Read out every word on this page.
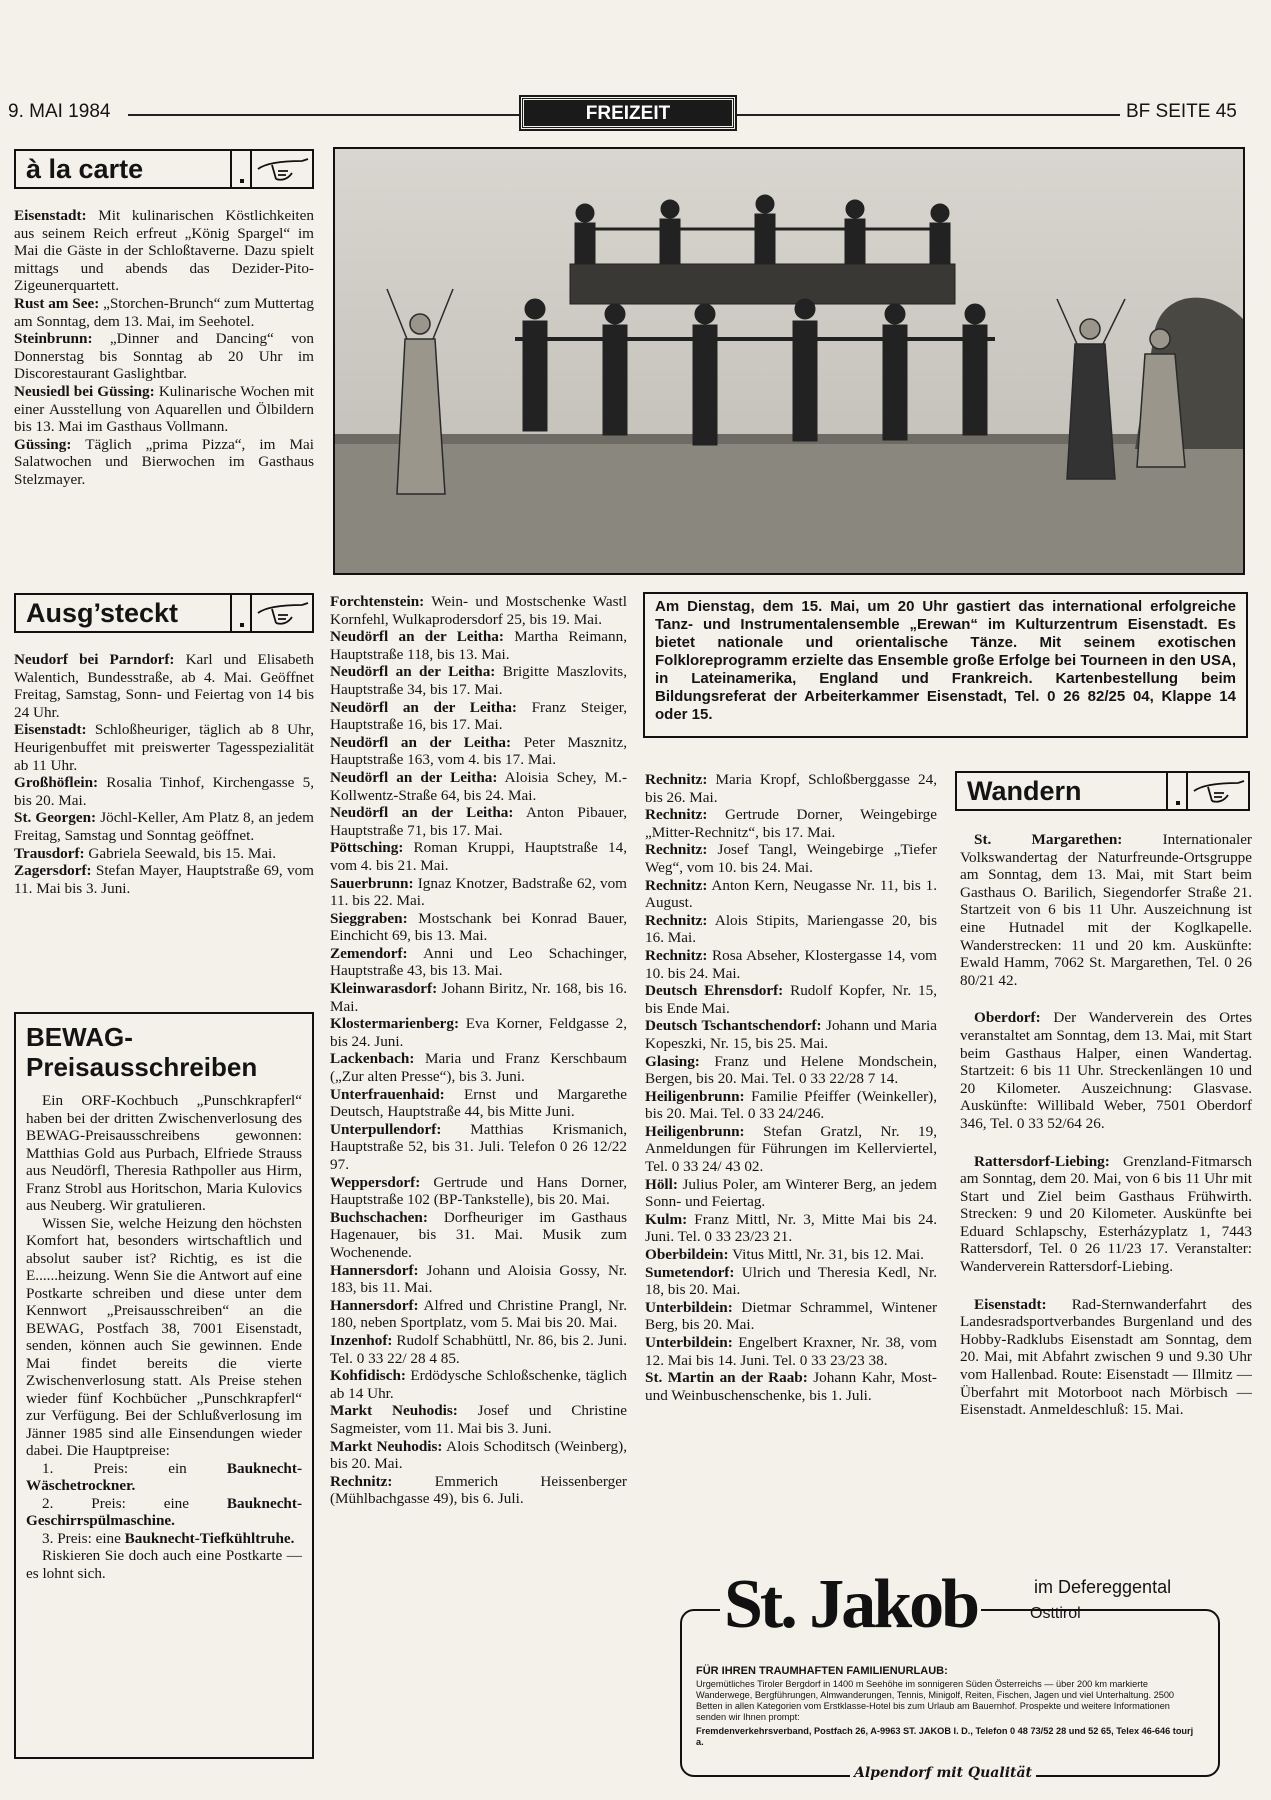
9. MAI 1984	FREIZEIT	BF SEITE 45
à la carte

Eisenstadt: Mit kulinarischen Köstlichkeiten aus seinem Reich erfreut „König Spargel“ im Mai die Gäste in der Schloßtaverne. Dazu spielt mittags und abends das Dezider-Pito-Zigeunerquartett.

Rust am See: „Storchen-Brunch“ zum Muttertag am Sonntag, dem 13. Mai, im Seehotel.

Steinbrunn: „Dinner and Dancing“ von Donnerstag bis Sonntag ab 20 Uhr im Discorestaurant Gaslightbar.

Neusiedl bei Güssing: Kulinarische Wochen mit einer Ausstellung von Aquarellen und Ölbildern bis 13. Mai im Gasthaus Vollmann.

Güssing: Täglich „prima Pizza“, im Mai Salatwochen und Bierwochen im Gasthaus Stelzmayer.

Am Dienstag, dem 15. Mai, um 20 Uhr gastiert das international erfolgreiche Tanz- und Instrumentalensemble „Erewan“ im Kulturzentrum Eisenstadt. Es bietet nationale und orientalische Tänze. Mit seinem exotischen Folkloreprogramm erzielte das Ensemble große Erfolge bei Tourneen in den USA, in Lateinamerika, England und Frankreich. Kartenbestellung beim Bildungsreferat der Arbeiterkammer Eisenstadt, Tel. 0 26 82/25 04, Klappe 14 oder 15.
Ausg’steckt

Neudorf bei Parndorf: Karl und Elisabeth Walentich, Bundesstraße, ab 4. Mai. Geöffnet Freitag, Samstag, Sonn- und Feiertag von 14 bis 24 Uhr.

Eisenstadt: Schloßheuriger, täglich ab 8 Uhr, Heurigenbuffet mit preiswerter Tagesspezialität ab 11 Uhr.

Großhöflein: Rosalia Tinhof, Kirchengasse 5, bis 20. Mai.

St. Georgen: Jöchl-Keller, Am Platz 8, an jedem Freitag, Samstag und Sonntag geöffnet.

Trausdorf: Gabriela Seewald, bis 15. Mai.

Zagersdorf: Stefan Mayer, Hauptstraße 69, vom 11. Mai bis 3. Juni.

Forchtenstein: Wein- und Mostschenke Wastl Kornfehl, Wulkaprodersdorf 25, bis 19. Mai.

Neudörfl an der Leitha: Martha Reimann, Hauptstraße 118, bis 13. Mai.

Neudörfl an der Leitha: Brigitte Maszlovits, Hauptstraße 34, bis 17. Mai.

Neudörfl an der Leitha: Franz Steiger, Hauptstraße 16, bis 17. Mai.

Neudörfl an der Leitha: Peter Masznitz, Hauptstraße 163, vom 4. bis 17. Mai.

Neudörfl an der Leitha: Aloisia Schey, M.-Kollwentz-Straße 64, bis 24. Mai.

Neudörfl an der Leitha: Anton Pibauer, Hauptstraße 71, bis 17. Mai.

Pöttsching: Roman Kruppi, Hauptstraße 14, vom 4. bis 21. Mai.

Sauerbrunn: Ignaz Knotzer, Badstraße 62, vom 11. bis 22. Mai.

Sieggraben: Mostschank bei Konrad Bauer, Einchicht 69, bis 13. Mai.

Zemendorf: Anni und Leo Schachinger, Hauptstraße 43, bis 13. Mai.

Kleinwarasdorf: Johann Biritz, Nr. 168, bis 16. Mai.

Klostermarienberg: Eva Korner, Feldgasse 2, bis 24. Juni.

Lackenbach: Maria und Franz Kerschbaum („Zur alten Presse“), bis 3. Juni.

Unterfrauenhaid: Ernst und Margarethe Deutsch, Hauptstraße 44, bis Mitte Juni.

Unterpullendorf: Matthias Krismanich, Hauptstraße 52, bis 31. Juli. Telefon 0 26 12/22 97.

Weppersdorf: Gertrude und Hans Dorner, Hauptstraße 102 (BP-Tankstelle), bis 20. Mai.

Buchschachen: Dorfheuriger im Gasthaus Hagenauer, bis 31. Mai. Musik zum Wochenende.

Hannersdorf: Johann und Aloisia Gossy, Nr. 183, bis 11. Mai.

Hannersdorf: Alfred und Christine Prangl, Nr. 180, neben Sportplatz, vom 5. Mai bis 20. Mai.

Inzenhof: Rudolf Schabhüttl, Nr. 86, bis 2. Juni. Tel. 0 33 22/ 28 4 85.

Kohfidisch: Erdödysche Schloßschenke, täglich ab 14 Uhr.

Markt Neuhodis: Josef und Christine Sagmeister, vom 11. Mai bis 3. Juni.

Markt Neuhodis: Alois Schoditsch (Weinberg), bis 20. Mai.

Rechnitz: Emmerich Heissenberger (Mühlbachgasse 49), bis 6. Juli.

Rechnitz: Maria Kropf, Schloßberggasse 24, bis 26. Mai.

Rechnitz: Gertrude Dorner, Weingebirge „Mitter-Rechnitz“, bis 17. Mai.

Rechnitz: Josef Tangl, Weingebirge „Tiefer Weg“, vom 10. bis 24. Mai.

Rechnitz: Anton Kern, Neugasse Nr. 11, bis 1. August.

Rechnitz: Alois Stipits, Mariengasse 20, bis 16. Mai.

Rechnitz: Rosa Abseher, Klostergasse 14, vom 10. bis 24. Mai.

Deutsch Ehrensdorf: Rudolf Kopfer, Nr. 15, bis Ende Mai.

Deutsch Tschantschendorf: Johann und Maria Kopeszki, Nr. 15, bis 25. Mai.

Glasing: Franz und Helene Mondschein, Bergen, bis 20. Mai. Tel. 0 33 22/28 7 14.

Heiligenbrunn: Familie Pfeiffer (Weinkeller), bis 20. Mai. Tel. 0 33 24/246.

Heiligenbrunn: Stefan Gratzl, Nr. 19, Anmeldungen für Führungen im Kellerviertel, Tel. 0 33 24/ 43 02.

Höll: Julius Poler, am Winterer Berg, an jedem Sonn- und Feiertag.

Kulm: Franz Mittl, Nr. 3, Mitte Mai bis 24. Juni. Tel. 0 33 23/23 21.

Oberbildein: Vitus Mittl, Nr. 31, bis 12. Mai.

Sumetendorf: Ulrich und Theresia Kedl, Nr. 18, bis 20. Mai.

Unterbildein: Dietmar Schrammel, Wintener Berg, bis 20. Mai.

Unterbildein: Engelbert Kraxner, Nr. 38, vom 12. Mai bis 14. Juni. Tel. 0 33 23/23 38.

St. Martin an der Raab: Johann Kahr, Most- und Weinbuschenschenke, bis 1. Juli.

Wandern

St. Margarethen: Internationaler Volkswandertag der Naturfreunde-Ortsgruppe am Sonntag, dem 13. Mai, mit Start beim Gasthaus O. Barilich, Siegendorfer Straße 21. Startzeit von 6 bis 11 Uhr. Auszeichnung ist eine Hutnadel mit der Koglkapelle. Wanderstrecken: 11 und 20 km. Auskünfte: Ewald Hamm, 7062 St. Margarethen, Tel. 0 26 80/21 42.

Oberdorf: Der Wanderverein des Ortes veranstaltet am Sonntag, dem 13. Mai, mit Start beim Gasthaus Halper, einen Wandertag. Startzeit: 6 bis 11 Uhr. Streckenlängen 10 und 20 Kilometer. Auszeichnung: Glasvase. Auskünfte: Willibald Weber, 7501 Oberdorf 346, Tel. 0 33 52/64 26.

Rattersdorf-Liebing: Grenzland-Fitmarsch am Sonntag, dem 20. Mai, von 6 bis 11 Uhr mit Start und Ziel beim Gasthaus Frühwirth. Strecken: 9 und 20 Kilometer. Auskünfte bei Eduard Schlapschy, Esterházyplatz 1, 7443 Rattersdorf, Tel. 0 26 11/23 17. Veranstalter: Wanderverein Rattersdorf-Liebing.

Eisenstadt: Rad-Sternwanderfahrt des Landesradsportverbandes Burgenland und des Hobby-Radklubs Eisenstadt am Sonntag, dem 20. Mai, mit Abfahrt zwischen 9 und 9.30 Uhr vom Hallenbad. Route: Eisenstadt — Illmitz — Überfahrt mit Motorboot nach Mörbisch — Eisenstadt. Anmeldeschluß: 15. Mai.

BEWAG-Preisausschreiben

Ein ORF-Kochbuch „Punschkrapferl“ haben bei der dritten Zwischenverlosung des BEWAG-Preisausschreibens gewonnen: Matthias Gold aus Purbach, Elfriede Strauss aus Neudörfl, Theresia Rathpoller aus Hirm, Franz Strobl aus Horitschon, Maria Kulovics aus Neuberg. Wir gratulieren.

Wissen Sie, welche Heizung den höchsten Komfort hat, besonders wirtschaftlich und absolut sauber ist? Richtig, es ist die E......heizung. Wenn Sie die Antwort auf eine Postkarte schreiben und diese unter dem Kennwort „Preisausschreiben“ an die BEWAG, Postfach 38, 7001 Eisenstadt, senden, können auch Sie gewinnen. Ende Mai findet bereits die vierte Zwischenverlosung statt. Als Preise stehen wieder fünf Kochbücher „Punschkrapferl“ zur Verfügung. Bei der Schlußverlosung im Jänner 1985 sind alle Einsendungen wieder dabei. Die Hauptpreise:

1. Preis: ein Bauknecht-Wäschetrockner.

2. Preis: eine Bauknecht-Geschirrspülmaschine.

3. Preis: eine Bauknecht-Tiefkühltruhe.

Riskieren Sie doch auch eine Postkarte — es lohnt sich.	St. Jakob	im Defereggental
Osttirol
FÜR IHREN TRAUMHAFTEN FAMILIENURLAUB:
Urgemütliches Tiroler Bergdorf in 1400 m Seehöhe im sonnigeren Süden Österreichs — über 200 km markierte Wanderwege, Bergführungen, Almwanderungen, Tennis, Minigolf, Reiten, Fischen, Jagen und viel Unterhaltung. 2500 Betten in allen Kategorien vom Erstklasse-Hotel bis zum Urlaub am Bauernhof. Prospekte und weitere Informationen senden wir Ihnen prompt:
Fremdenverkehrsverband, Postfach 26, A-9963 ST. JAKOB I. D., Telefon 0 48 73/52 28 und 52 65, Telex 46-646 tourj a.
Alpendorf mit Qualität
